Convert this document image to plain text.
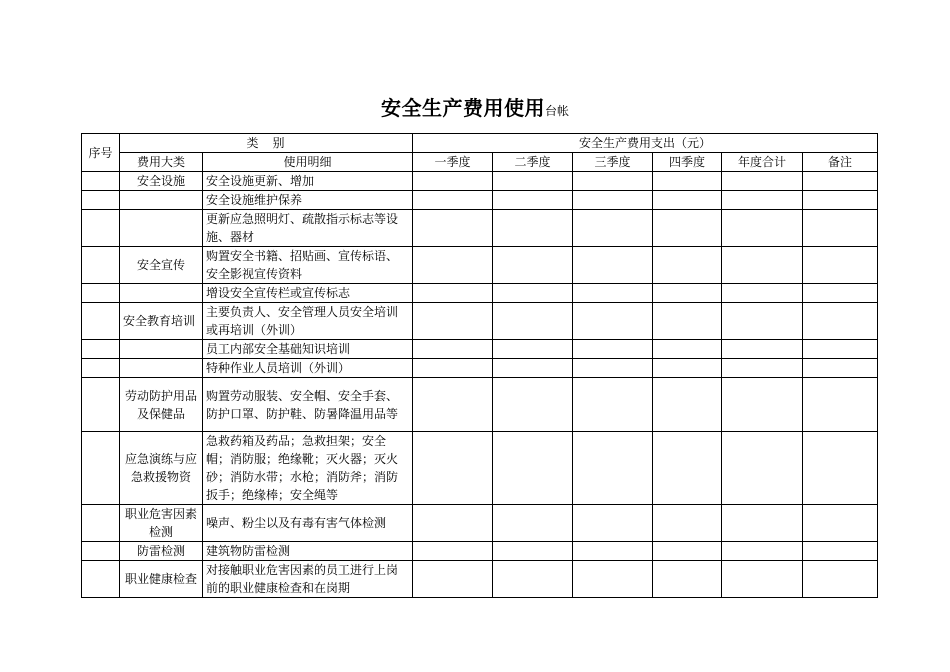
安全生产费用使用台帐
序号	类　别		安全生产费用支出（元）					
	费用大类	使用明细	一季度	二季度	三季度	四季度	年度合计	备注
	安全设施	安全设施更新、增加						
		安全设施维护保养						
		更新应急照明灯、疏散指示标志等设施、器材						
	安全宣传	购置安全书籍、招贴画、宣传标语、安全影视宣传资料						
		增设安全宣传栏或宣传标志						
	安全教育培训	主要负责人、安全管理人员安全培训或再培训（外训）						
		员工内部安全基础知识培训						
		特种作业人员培训（外训）						
	劳动防护用品及保健品	购置劳动服装、安全帽、安全手套、防护口罩、防护鞋、防暑降温用品等						
	应急演练与应急救援物资	急救药箱及药品；急救担架；安全帽；消防服；绝缘靴；灭火器；灭火砂；消防水带；水枪；消防斧；消防扳手；绝缘棒；安全绳等						
	职业危害因素检测	噪声、粉尘以及有毒有害气体检测						
	防雷检测	建筑物防雷检测						
	职业健康检查	对接触职业危害因素的员工进行上岗前的职业健康检查和在岗期						
